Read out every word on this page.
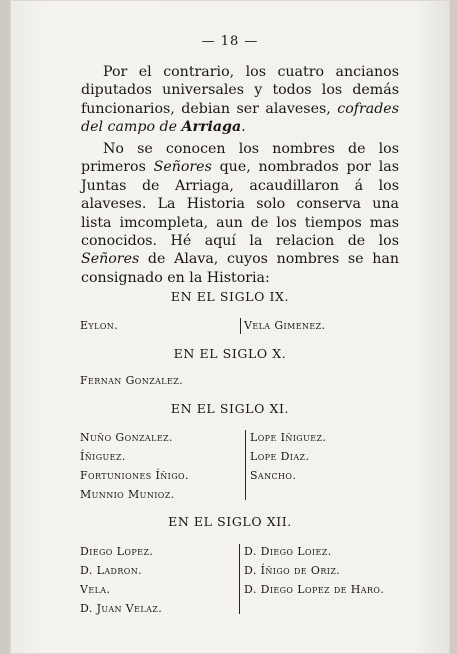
— 18 —

Por el contrario, los cuatro ancianos diputados universales y todos los demás funcionarios, debian ser alaveses, cofrades del campo de Arriaga.

No se conocen los nombres de los primeros Señores que, nombrados por las Juntas de Arriaga, acaudillaron á los alaveses. La Historia solo conserva una lista imcompleta, aun de los tiempos mas conocidos. Hé aquí la relacion de los Señores de Alava, cuyos nombres se han consignado en la Historia:

EN EL SIGLO IX.
Eylon.	Vela Gimenez.
EN EL SIGLO X.
Fernan Gonzalez.
EN EL SIGLO XI.
Nuño Gonzalez.
Íñiguez.
Fortuniones Íñigo.
Munnio Munioz.
Lope Iñiguez.
Lope Diaz.
Sancho.
EN EL SIGLO XII.
Diego Lopez.
D. Ladron.
Vela.
D. Juan Velaz.
D. Diego Loiez.
D. Íñigo de Oriz.
D. Diego Lopez de Haro.
